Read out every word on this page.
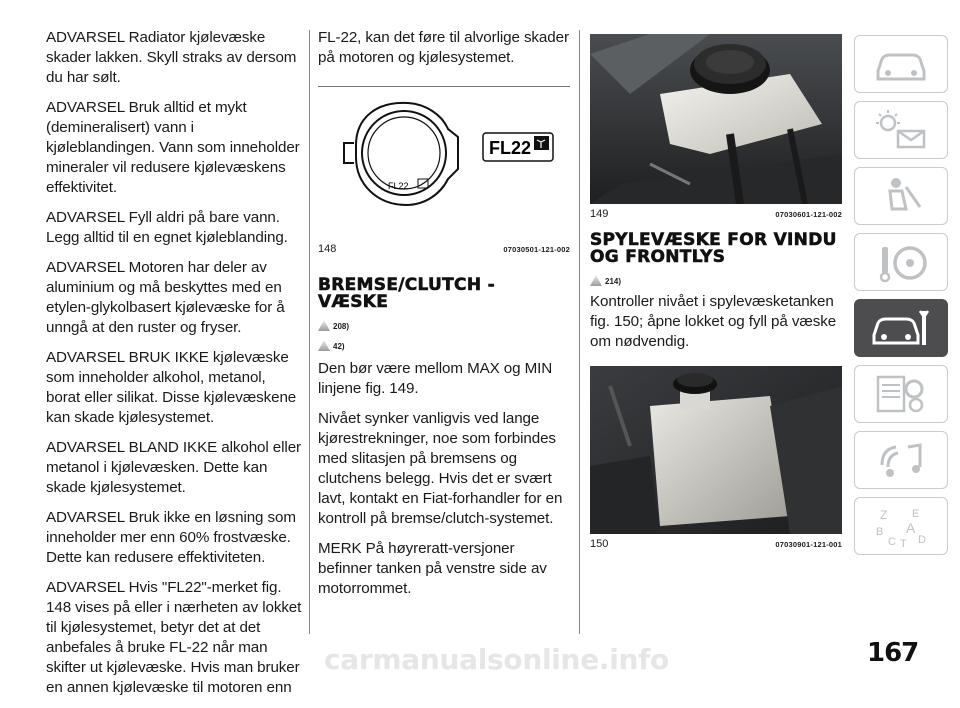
ADVARSEL Radiator kjølevæske skader lakken. Skyll straks av dersom du har sølt.

ADVARSEL Bruk alltid et mykt (demineralisert) vann i kjøleblandingen. Vann som inneholder mineraler vil redusere kjølevæskens effektivitet.

ADVARSEL Fyll aldri på bare vann. Legg alltid til en egnet kjøleblanding.

ADVARSEL Motoren har deler av aluminium og må beskyttes med en etylen-glykolbasert kjølevæske for å unngå at den ruster og fryser.

ADVARSEL BRUK IKKE kjølevæske som inneholder alkohol, metanol, borat eller silikat. Disse kjølevæskene kan skade kjølesystemet.

ADVARSEL BLAND IKKE alkohol eller metanol i kjølevæsken. Dette kan skade kjølesystemet.

ADVARSEL Bruk ikke en løsning som inneholder mer enn 60% frostvæske. Dette kan redusere effektiviteten.

ADVARSEL Hvis "FL22"-merket fig. 148 vises på eller i nærheten av lokket til kjølesystemet, betyr det at det anbefales å bruke FL-22 når man skifter ut kjølevæske. Hvis man bruker en annen kjølevæske til motoren enn

FL-22, kan det føre til alvorlige skader på motoren og kjølesystemet.

FL22
FL22
148	07030501-121-002
BREMSE/CLUTCH - VÆSKE
208)
42)

Den bør være mellom MAX og MIN linjene fig. 149.

Nivået synker vanligvis ved lange kjørestrekninger, noe som forbindes med slitasjen på bremsens og clutchens belegg. Hvis det er svært lavt, kontakt en Fiat-forhandler for en kontroll på bremse/clutch-systemet.

MERK På høyreratt-versjoner befinner tanken på venstre side av motorrommet.

149	07030601-121-002
SPYLEVÆSKE FOR VINDU OG FRONTLYS
214)

Kontroller nivået i spylevæsketanken fig. 150; åpne lokket og fyll på væske om nødvendig.

150	07030901-121-001
Z E
B A
C T D
167
carmanualsonline.info
